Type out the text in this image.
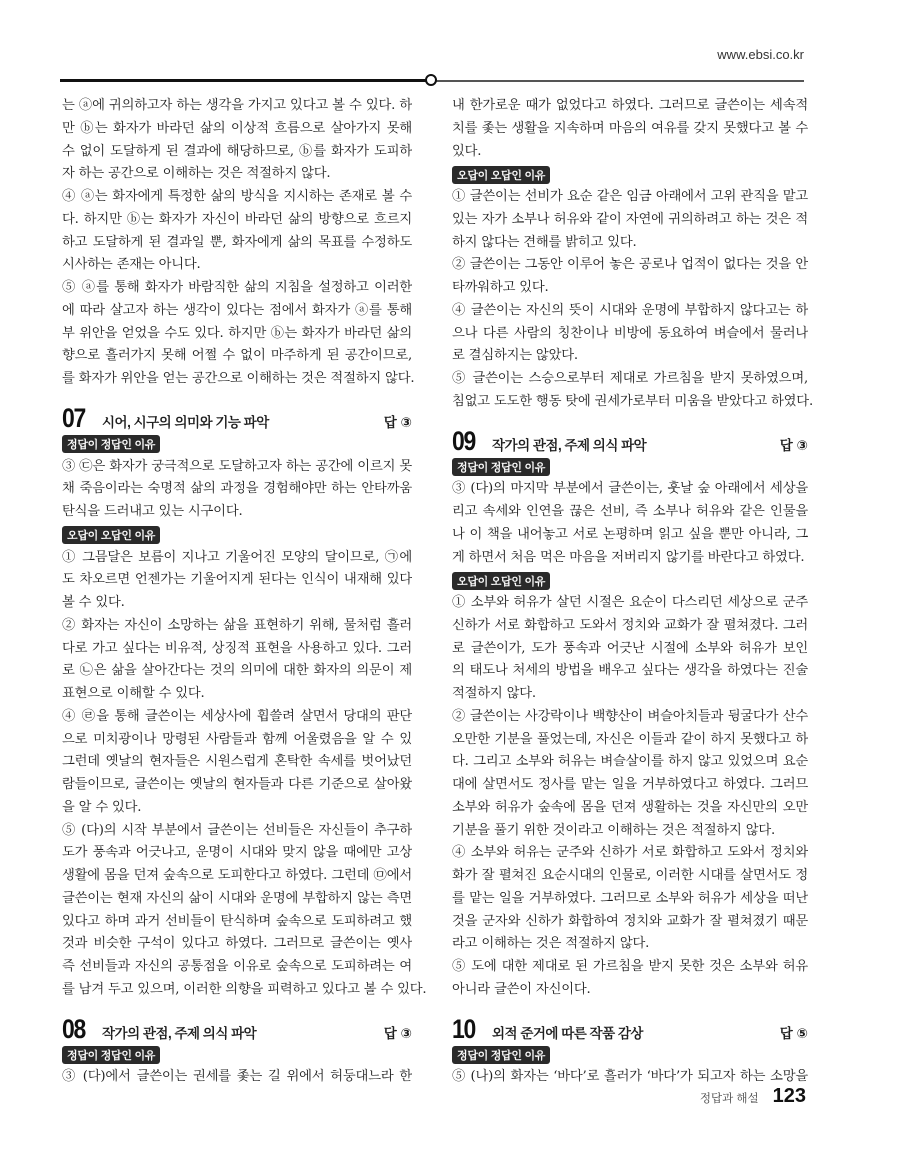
www.ebsi.co.kr
는 ⓐ에 귀의하고자 하는 생각을 가지고 있다고 볼 수 있다. 하
만 ⓑ는 화자가 바라던 삶의 이상적 흐름으로 살아가지 못해
수 없이 도달하게 된 결과에 해당하므로, ⓑ를 화자가 도피하
자 하는 공간으로 이해하는 것은 적절하지 않다.
④ ⓐ는 화자에게 특정한 삶의 방식을 지시하는 존재로 볼 수
다. 하지만 ⓑ는 화자가 자신이 바라던 삶의 방향으로 흐르지
하고 도달하게 된 결과일 뿐, 화자에게 삶의 목표를 수정하도
시사하는 존재는 아니다.
⑤ ⓐ를 통해 화자가 바람직한 삶의 지침을 설정하고 이러한
에 따라 살고자 하는 생각이 있다는 점에서 화자가 ⓐ를 통해
부 위안을 얻었을 수도 있다. 하지만 ⓑ는 화자가 바라던 삶의
향으로 흘러가지 못해 어쩔 수 없이 마주하게 된 공간이므로,
를 화자가 위안을 얻는 공간으로 이해하는 것은 적절하지 않다.
07	시어, 시구의 의미와 기능 파악	답 ③
정답이 정답인 이유
③ ㉢은 화자가 궁극적으로 도달하고자 하는 공간에 이르지 못
채 죽음이라는 숙명적 삶의 과정을 경험해야만 하는 안타까움
탄식을 드러내고 있는 시구이다.
오답이 오답인 이유
① 그믐달은 보름이 지나고 기울어진 모양의 달이므로, ㉠에
도 차오르면 언젠가는 기울어지게 된다는 인식이 내재해 있다
볼 수 있다.
② 화자는 자신이 소망하는 삶을 표현하기 위해, 물처럼 흘러
다로 가고 싶다는 비유적, 상징적 표현을 사용하고 있다. 그러
로 ㉡은 삶을 살아간다는 것의 의미에 대한 화자의 의문이 제
표현으로 이해할 수 있다.
④ ㉣을 통해 글쓴이는 세상사에 휩쓸려 살면서 당대의 판단
으로 미치광이나 망령된 사람들과 함께 어울렸음을 알 수 있
그런데 옛날의 현자들은 시원스럽게 혼탁한 속세를 벗어났던
람들이므로, 글쓴이는 옛날의 현자들과 다른 기준으로 살아왔
을 알 수 있다.
⑤ (다)의 시작 부분에서 글쓴이는 선비들은 자신들이 추구하
도가 풍속과 어긋나고, 운명이 시대와 맞지 않을 때에만 고상
생활에 몸을 던져 숲속으로 도피한다고 하였다. 그런데 ㉤에서
글쓴이는 현재 자신의 삶이 시대와 운명에 부합하지 않는 측면
있다고 하며 과거 선비들이 탄식하며 숲속으로 도피하려고 했
것과 비슷한 구석이 있다고 하였다. 그러므로 글쓴이는 옛사
즉 선비들과 자신의 공통점을 이유로 숲속으로 도피하려는 여
를 남겨 두고 있으며, 이러한 의향을 피력하고 있다고 볼 수 있다.
08	작가의 관점, 주제 의식 파악	답 ③
정답이 정답인 이유
③ (다)에서 글쓴이는 권세를 좇는 길 위에서 허둥대느라 한
내 한가로운 때가 없었다고 하였다. 그러므로 글쓴이는 세속적
치를 좇는 생활을 지속하며 마음의 여유를 갖지 못했다고 볼 수
있다.
오답이 오답인 이유
① 글쓴이는 선비가 요순 같은 임금 아래에서 고위 관직을 맡고
있는 자가 소부나 허유와 같이 자연에 귀의하려고 하는 것은 적
하지 않다는 견해를 밝히고 있다.
② 글쓴이는 그동안 이루어 놓은 공로나 업적이 없다는 것을 안
타까워하고 있다.
④ 글쓴이는 자신의 뜻이 시대와 운명에 부합하지 않다고는 하
으나 다른 사람의 칭찬이나 비방에 동요하여 벼슬에서 물러나
로 결심하지는 않았다.
⑤ 글쓴이는 스승으로부터 제대로 가르침을 받지 못하였으며,
침없고 도도한 행동 탓에 권세가로부터 미움을 받았다고 하였다.
09	작가의 관점, 주제 의식 파악	답 ③
정답이 정답인 이유
③ (다)의 마지막 부분에서 글쓴이는, 훗날 숲 아래에서 세상을
리고 속세와 인연을 끊은 선비, 즉 소부나 허유와 같은 인물을
나 이 책을 내어놓고 서로 논평하며 읽고 싶을 뿐만 아니라, 그
게 하면서 처음 먹은 마음을 저버리지 않기를 바란다고 하였다.
오답이 오답인 이유
① 소부와 허유가 살던 시절은 요순이 다스리던 세상으로 군주
신하가 서로 화합하고 도와서 정치와 교화가 잘 펼쳐졌다. 그러
로 글쓴이가, 도가 풍속과 어긋난 시절에 소부와 허유가 보인
의 태도나 처세의 방법을 배우고 싶다는 생각을 하였다는 진술
적절하지 않다.
② 글쓴이는 사강락이나 백향산이 벼슬아치들과 뒹굴다가 산수
오만한 기분을 풀었는데, 자신은 이들과 같이 하지 못했다고 하
다. 그리고 소부와 허유는 벼슬살이를 하지 않고 있었으며 요순
대에 살면서도 정사를 맡는 일을 거부하였다고 하였다. 그러므
소부와 허유가 숲속에 몸을 던져 생활하는 것을 자신만의 오만
기분을 풀기 위한 것이라고 이해하는 것은 적절하지 않다.
④ 소부와 허유는 군주와 신하가 서로 화합하고 도와서 정치와
화가 잘 펼쳐진 요순시대의 인물로, 이러한 시대를 살면서도 정
를 맡는 일을 거부하였다. 그러므로 소부와 허유가 세상을 떠난
것을 군자와 신하가 화합하여 정치와 교화가 잘 펼쳐졌기 때문
라고 이해하는 것은 적절하지 않다.
⑤ 도에 대한 제대로 된 가르침을 받지 못한 것은 소부와 허유
아니라 글쓴이 자신이다.
10	외적 준거에 따른 작품 감상	답 ⑤
정답이 정답인 이유
⑤ (나)의 화자는 ‘바다’로 흘러가 ‘바다’가 되고자 하는 소망을
정답과 해설 123
